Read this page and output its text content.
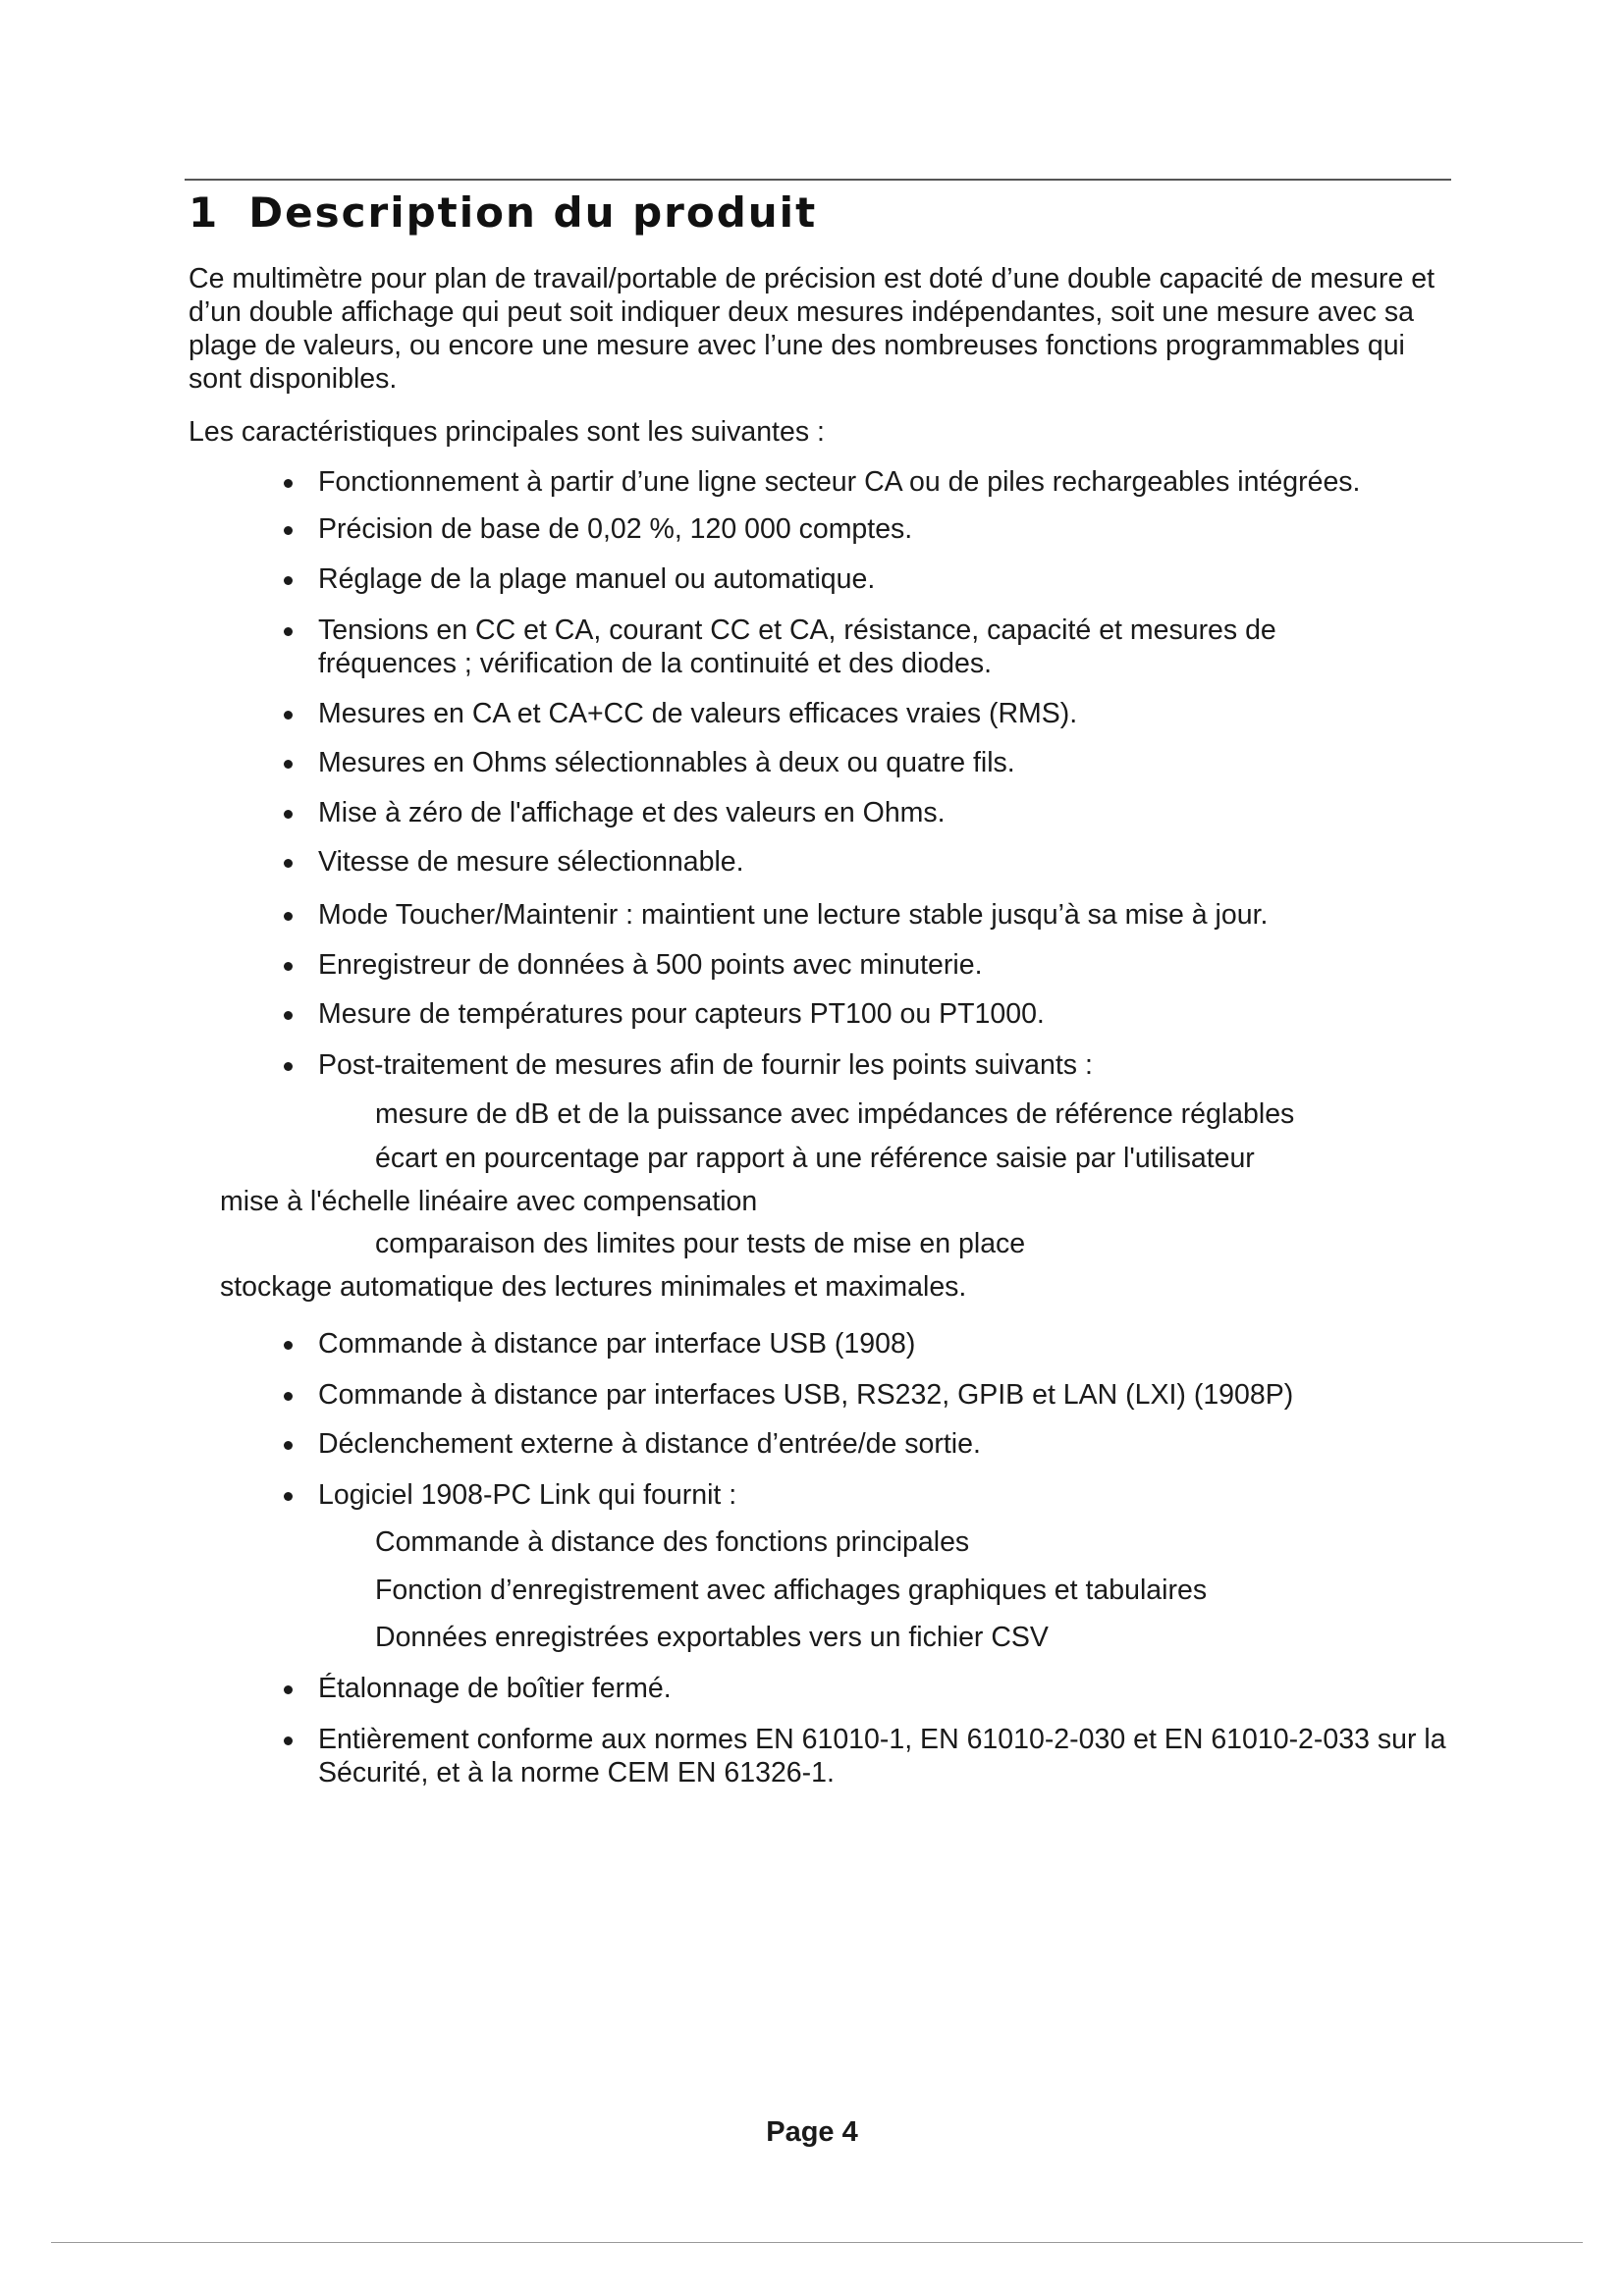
1 Description du produit

Ce multimètre pour plan de travail/portable de précision est doté d’une double capacité de mesure et d’un double affichage qui peut soit indiquer deux mesures indépendantes, soit une mesure avec sa plage de valeurs, ou encore une mesure avec l’une des nombreuses fonctions programmables qui sont disponibles.

Les caractéristiques principales sont les suivantes :

Fonctionnement à partir d’une ligne secteur CA ou de piles rechargeables intégrées.

Précision de base de 0,02 %, 120 000 comptes.

Réglage de la plage manuel ou automatique.

Tensions en CC et CA, courant CC et CA, résistance, capacité et mesures de fréquences ; vérification de la continuité et des diodes.

Mesures en CA et CA+CC de valeurs efficaces vraies (RMS).

Mesures en Ohms sélectionnables à deux ou quatre fils.

Mise à zéro de l'affichage et des valeurs en Ohms.

Vitesse de mesure sélectionnable.

Mode Toucher/Maintenir : maintient une lecture stable jusqu’à sa mise à jour.

Enregistreur de données à 500 points avec minuterie.

Mesure de températures pour capteurs PT100 ou PT1000.

Post-traitement de mesures afin de fournir les points suivants :

mesure de dB et de la puissance avec impédances de référence réglables

écart en pourcentage par rapport à une référence saisie par l'utilisateur

mise à l'échelle linéaire avec compensation

comparaison des limites pour tests de mise en place

stockage automatique des lectures minimales et maximales.

Commande à distance par interface USB (1908)

Commande à distance par interfaces USB, RS232, GPIB et LAN (LXI) (1908P)

Déclenchement externe à distance d’entrée/de sortie.

Logiciel 1908-PC Link qui fournit :

Commande à distance des fonctions principales

Fonction d’enregistrement avec affichages graphiques et tabulaires

Données enregistrées exportables vers un fichier CSV

Étalonnage de boîtier fermé.

Entièrement conforme aux normes EN 61010-1, EN 61010-2-030 et EN 61010-2-033 sur la Sécurité, et à la norme CEM EN 61326-1.

Page 4
